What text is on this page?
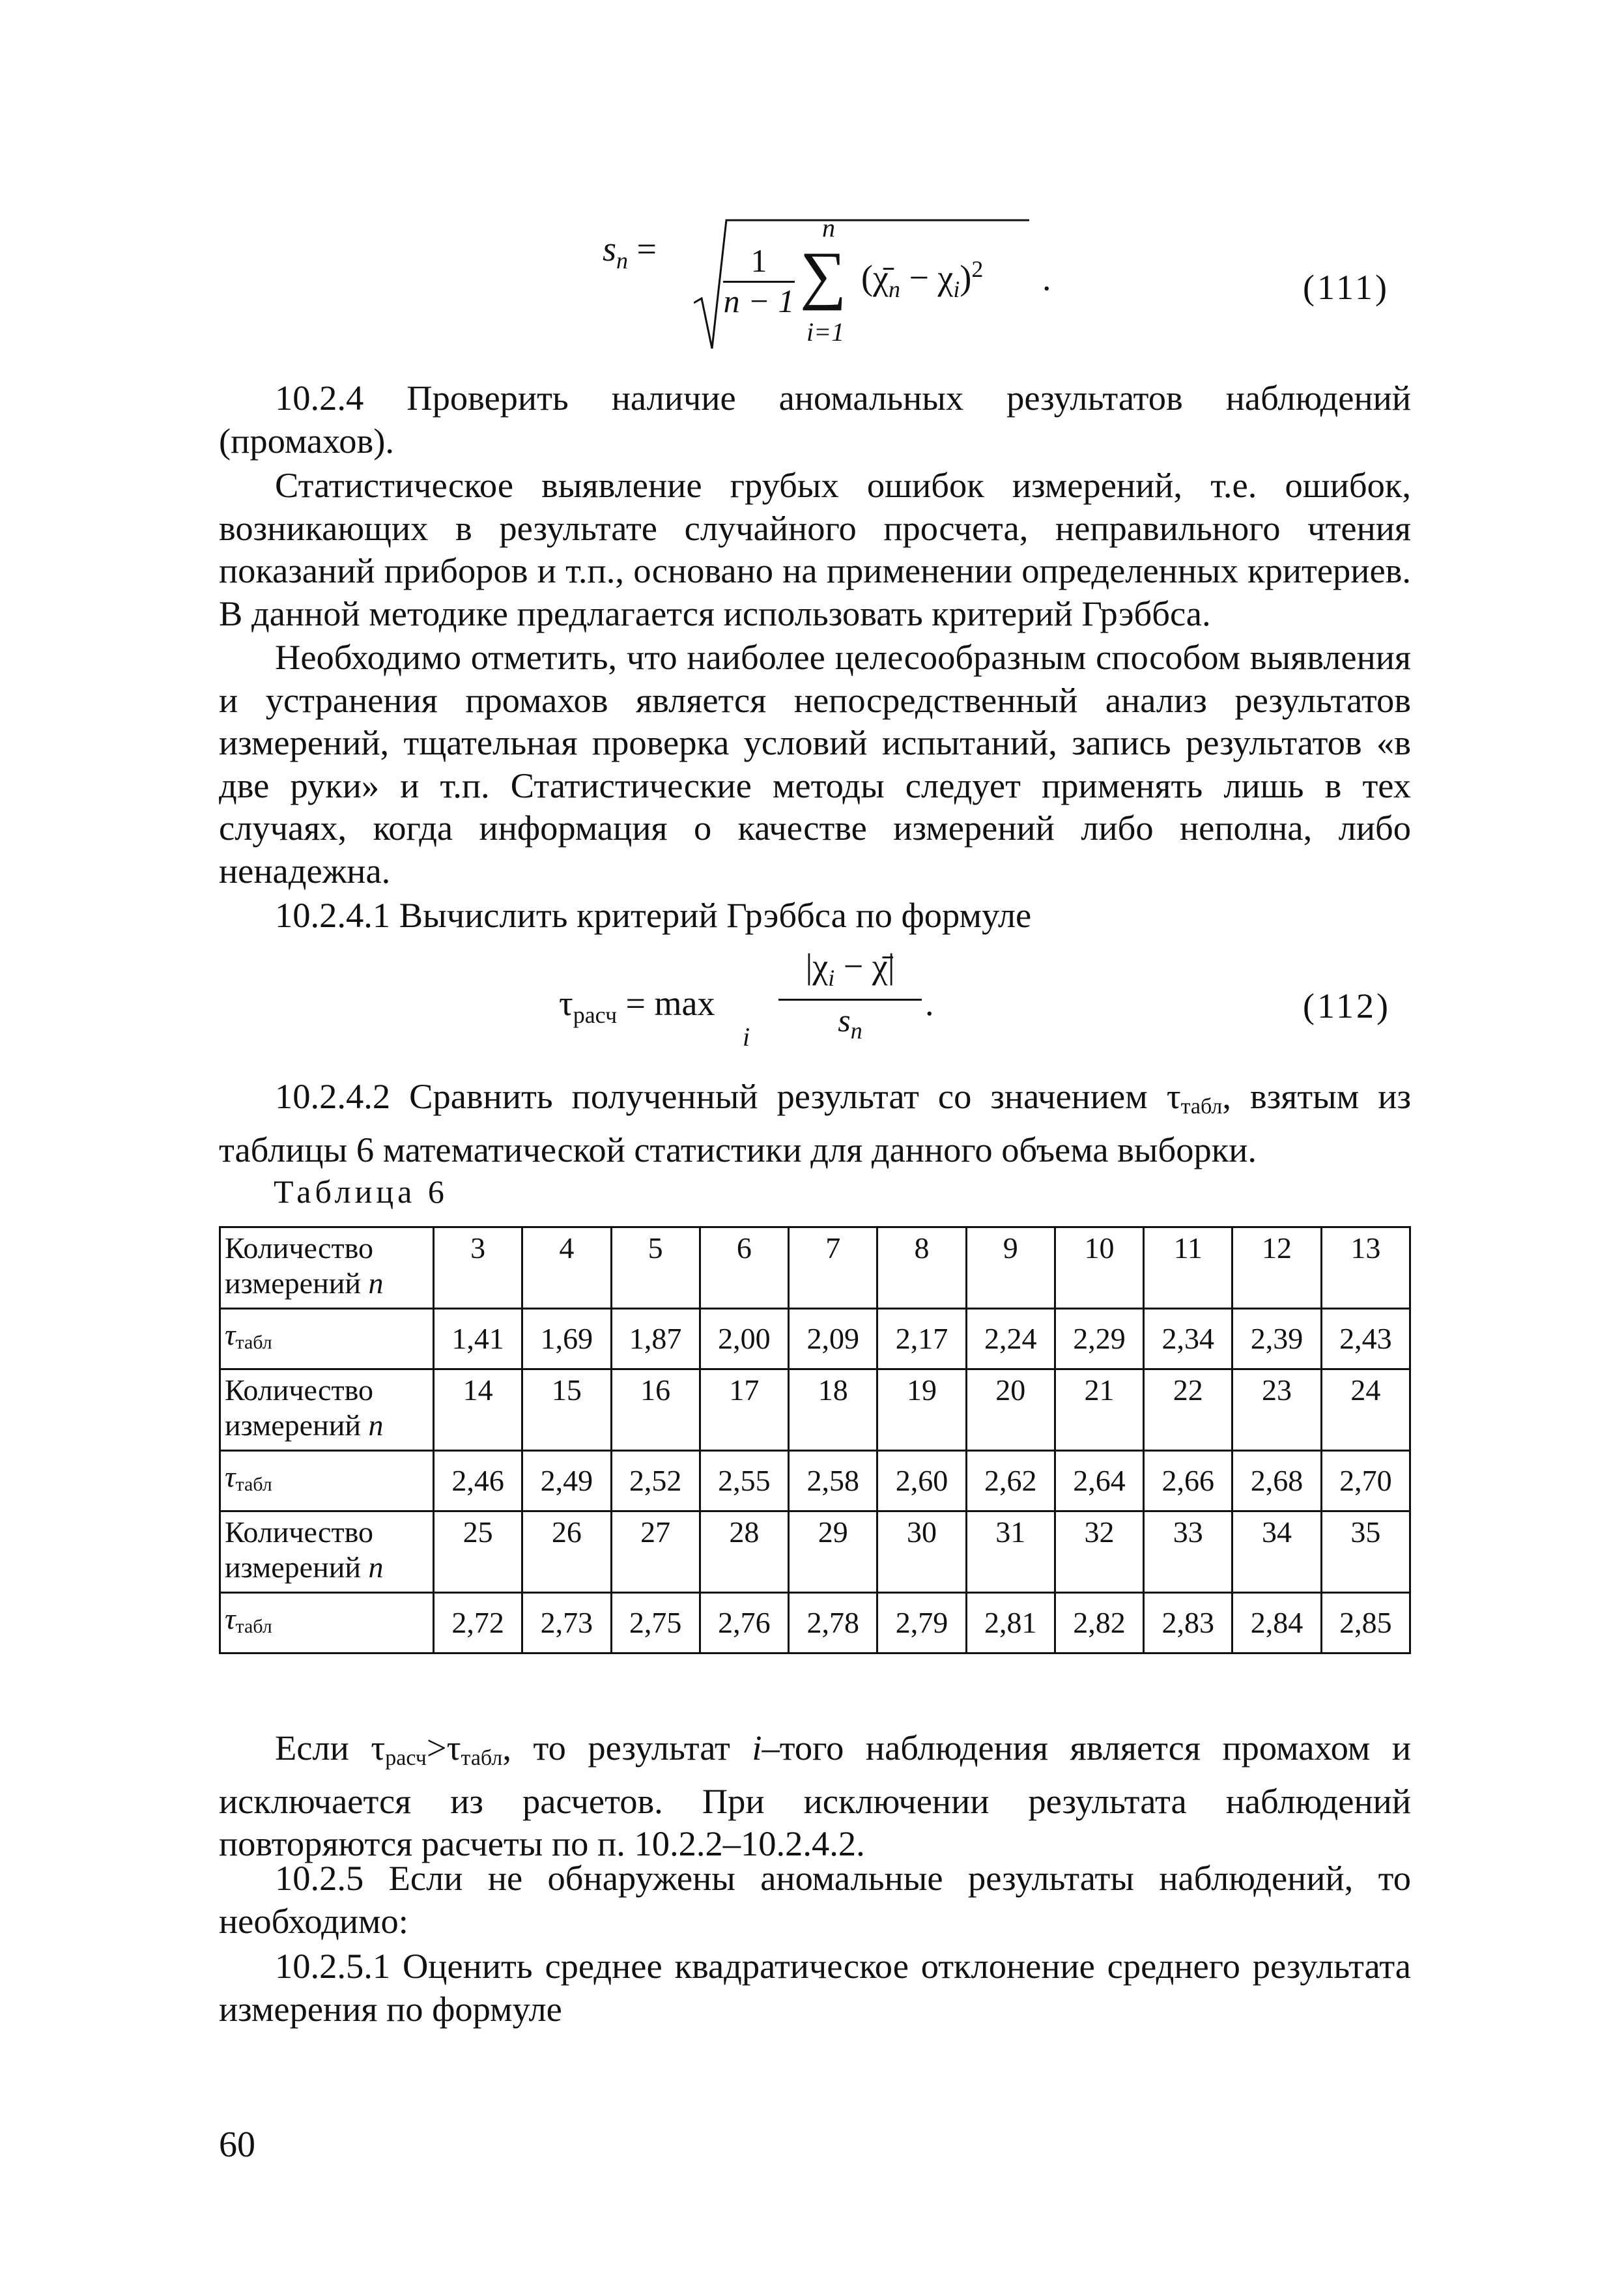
$s_n$ =	1
n − 1
n
∑
i=1
$(\chī_n - \chi_i)^2$ .	(111)
10.2.4 Проверить наличие аномальных результатов наблюдений (промахов).
Статистическое выявление грубых ошибок измерений, т.е. ошибок, возникающих в результате случайного просчета, неправильного чтения показаний приборов и т.п., основано на применении определенных критериев. В данной методике предлагается использовать критерий Грэббса.
Необходимо отметить, что наиболее целесообразным способом выявления и устранения промахов является непосредственный анализ результатов измерений, тщательная проверка условий испытаний, запись результатов «в две руки» и т.п. Статистические методы следует применять лишь в тех случаях, когда информация о качестве измерений либо неполна, либо ненадежна.
10.2.4.1 Вычислить критерий Грэббса по формуле
$\tau_{расч} = \max$
i
$|\chi_i$ − χ̄|
$s_n$
.	(112)
10.2.4.2 Сравнить полученный результат со значением τтабл, взятым из таблицы 6 математической статистики для данного объема выборки.
Таблица 6
Количество
измерений n	3	4	5	6	7	8	9	10	11	12	13
τтабл	1,41	1,69	1,87	2,00	2,09	2,17	2,24	2,29	2,34	2,39	2,43

Количество
измерений n	14	15	16	17	18	19	20	21	22	23	24
τтабл	2,46	2,49	2,52	2,55	2,58	2,60	2,62	2,64	2,66	2,68	2,70

Количество
измерений n	25	26	27	28	29	30	31	32	33	34	35
τтабл	2,72	2,73	2,75	2,76	2,78	2,79	2,81	2,82	2,83	2,84	2,85
Если τрасч>τтабл, то результат i–того наблюдения является промахом и исключается из расчетов. При исключении результата наблюдений повторяются расчеты по п. 10.2.2–10.2.4.2.
10.2.5 Если не обнаружены аномальные результаты наблюдений, то необходимо:
10.2.5.1 Оценить среднее квадратическое отклонение среднего результата измерения по формуле
60
